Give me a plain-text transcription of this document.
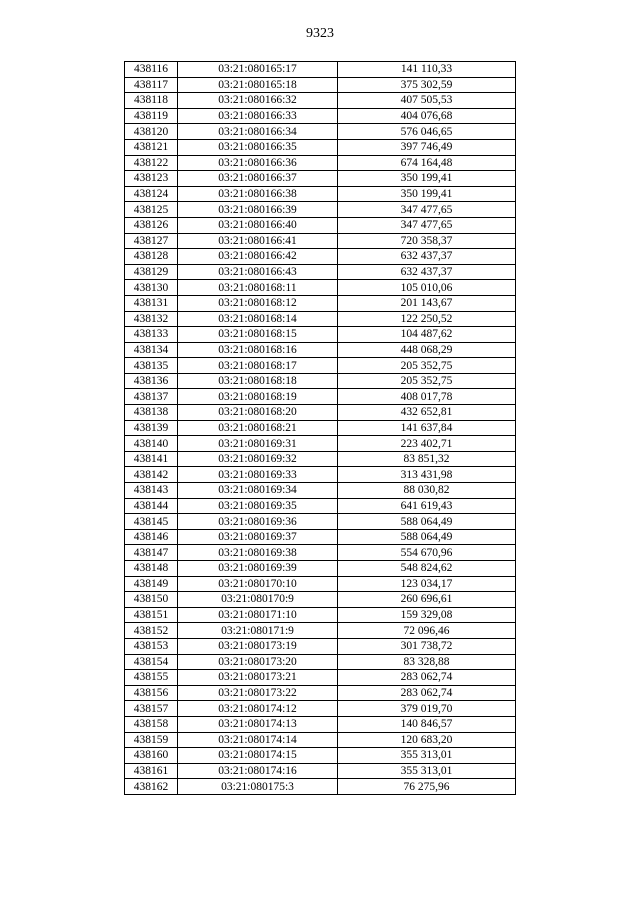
9323
438116	03:21:080165:17	141 110,33
438117	03:21:080165:18	375 302,59
438118	03:21:080166:32	407 505,53
438119	03:21:080166:33	404 076,68
438120	03:21:080166:34	576 046,65
438121	03:21:080166:35	397 746,49
438122	03:21:080166:36	674 164,48
438123	03:21:080166:37	350 199,41
438124	03:21:080166:38	350 199,41
438125	03:21:080166:39	347 477,65
438126	03:21:080166:40	347 477,65
438127	03:21:080166:41	720 358,37
438128	03:21:080166:42	632 437,37
438129	03:21:080166:43	632 437,37
438130	03:21:080168:11	105 010,06
438131	03:21:080168:12	201 143,67
438132	03:21:080168:14	122 250,52
438133	03:21:080168:15	104 487,62
438134	03:21:080168:16	448 068,29
438135	03:21:080168:17	205 352,75
438136	03:21:080168:18	205 352,75
438137	03:21:080168:19	408 017,78
438138	03:21:080168:20	432 652,81
438139	03:21:080168:21	141 637,84
438140	03:21:080169:31	223 402,71
438141	03:21:080169:32	83 851,32
438142	03:21:080169:33	313 431,98
438143	03:21:080169:34	88 030,82
438144	03:21:080169:35	641 619,43
438145	03:21:080169:36	588 064,49
438146	03:21:080169:37	588 064,49
438147	03:21:080169:38	554 670,96
438148	03:21:080169:39	548 824,62
438149	03:21:080170:10	123 034,17
438150	03:21:080170:9	260 696,61
438151	03:21:080171:10	159 329,08
438152	03:21:080171:9	72 096,46
438153	03:21:080173:19	301 738,72
438154	03:21:080173:20	83 328,88
438155	03:21:080173:21	283 062,74
438156	03:21:080173:22	283 062,74
438157	03:21:080174:12	379 019,70
438158	03:21:080174:13	140 846,57
438159	03:21:080174:14	120 683,20
438160	03:21:080174:15	355 313,01
438161	03:21:080174:16	355 313,01
438162	03:21:080175:3	76 275,96
